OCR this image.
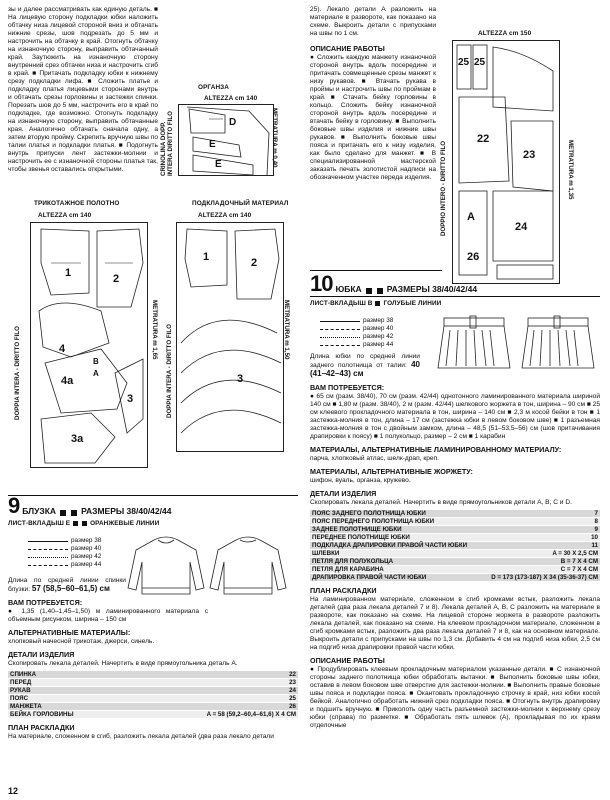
зы и далее рассматривать как единую деталь. ■ На лицевую сторону подкладки юбки наложить обтачку низа лицевой стороной вниз и обтачать нижние срезы, шов подрезать до 5 мм и настрочить на обтачку в край. Отогнуть обтачку на изнаночную сторону, выправить обтачанный край. Заутюжить на изнаночную сторону внутренний срез обтачки низа и настрочить сгиб в край. ■ Притачать подкладку юбки к нижнему срезу подкладки лифа. ■ Сложить платье и подкладку платья лицевыми сторонами внутрь и обтачать срезы горловины и застежки спинки. Порезать шов до 5 мм, настрочить его в край по подкладке, где возможно. Отогнуть подкладку на изнаночную сторону, выправить обтачанные края. Аналогично обтачать сначала одну, а затем вторую пройму. Скрепить вручную швы по талии платья и подкладки платья. ■ Подогнуть внутрь припуски лент застежки-молнии и настрочить ее с изнаночной стороны платья так, чтобы звенья оставались открытыми.
ОРГАНЗА
ALTEZZA cm 140
D
E
E
CRINOLINA DOPP. INTERA DIRITTO FILO	METRATURA m 0,40
ТРИКОТАЖНОЕ ПОЛОТНО
ALTEZZA cm 140
1	2
3
4
4a
3a
B
A
DOPPIA INTERA - DIRITTO FILO	METRATURA m 1,65
ПОДКЛАДОЧНЫЙ МАТЕРИАЛ
ALTEZZA cm 140
1	2
3
DOPPIA INTERA - DIRITTO FILO	METRATURA m 1,50
9 БЛУЗКА	РАЗМЕРЫ 38/40/42/44
ЛИСТ-ВКЛАДЫШ Е	ОРАНЖЕВЫЕ ЛИНИИ
размер 38
размер 40
размер 42
размер 44
Длина по средней линии спинки блузки: 57 (58,5–60–61,5) см
ВАМ ПОТРЕБУЕТСЯ:
● 1,35 (1,40–1,45–1,50) м ламинированного материала с объемным рисунком, ширина – 150 см
АЛЬТЕРНАТИВНЫЕ МАТЕРИАЛЫ:
хлопковый начесной трикотаж, джерси, синель.
ДЕТАЛИ ИЗДЕЛИЯ
Скопировать лекала деталей. Начертить в виде прямоугольника деталь А.
СПИНКА	22
ПЕРЕД	23
РУКАВ	24
ПОЯС	25
МАНЖЕТА	26
БЕЙКА ГОРЛОВИНЫ	A = 58 (59,2–60,4–61,6) X 4 CM
ПЛАН РАСКЛАДКИ
На материале, сложенном в сгиб, разложить лекала деталей (два раза лекало детали
12
25). Лекало детали А разложить на материале в развороте, как показано на схеме. Выкроить детали с припусками на швы по 1 см.
ОПИСАНИЕ РАБОТЫ
● Сложить каждую манжету изнаночной стороной внутрь вдоль посередине и притачать совмещенные срезы манжет к низу рукавов. ■ Втачать рукава в проймы и настрочить швы по проймам в край. ■ Стачать бейку горловины в кольцо. Сложить бейку изнаночной стороной внутрь вдоль посередине и втачать бейку в горловину. ■ Выполнить боковые швы изделия и нижние швы рукавов. ■ Выполнить боковые швы пояса и притачать его к низу изделия, как было сделано для манжет. ■ В специализированной мастерской заказать печать золотистой надписи на обозначенном участке переда изделия.
ALTEZZA cm 150
25 25
22
23
A
24
26
DOPPIO INTERO - DIRITTO FILO	METRATURA m 1,35
10 ЮБКА	РАЗМЕРЫ 38/40/42/44
ЛИСТ-ВКЛАДЫШ В ГОЛУБЫЕ ЛИНИИ
размер 38
размер 40
размер 42
размер 44
Длина юбки по средней линии заднего полотнища от талии: 40 (41–42–43) см
ВАМ ПОТРЕБУЕТСЯ:
● 65 см (разм. 38/40), 70 см (разм. 42/44) однотонного ламинированного материала шириной 140 см ■ 1,80 м (разм. 38/40), 2 м (разм. 42/44) шелкового жоржета в тон, ширина – 90 см ■ 25 см клеевого прокладочного материала в тон, ширина – 140 см ■ 2,3 м косой бейки в тон ■ 1 застежка-молния в тон, длина – 17 см (застежка юбки в левом боковом шве) ■ 1 разъемная застежка-молния в тон с двойным замком, длина – 48,5 (51–53,5–56) см (шов притачивания драпировки к поясу) ■ 1 полукольцо, размер – 2 см ■ 1 карабин
МАТЕРИАЛЫ, АЛЬТЕРНАТИВНЫЕ ЛАМИНИРОВАННОМУ МАТЕРИАЛУ:
парча, хлопковый атлас, шелк-драп, креп.
МАТЕРИАЛЫ, АЛЬТЕРНАТИВНЫЕ ЖОРЖЕТУ:
шифон, вуаль, органза, кружево.
ДЕТАЛИ ИЗДЕЛИЯ
Скопировать лекала деталей. Начертить в виде прямоугольников детали А, В, С и D.
ПОЯС ЗАДНЕГО ПОЛОТНИЩА ЮБКИ	7
ПОЯС ПЕРЕДНЕГО ПОЛОТНИЩА ЮБКИ	8
ЗАДНЕЕ ПОЛОТНИЩЕ ЮБКИ	9
ПЕРЕДНЕЕ ПОЛОТНИЩЕ ЮБКИ	10
ПОДКЛАДКА ДРАПИРОВКИ ПРАВОЙ ЧАСТИ ЮБКИ	11
ШЛЕВКИ	A = 30 X 2,5 CM
ПЕТЛЯ ДЛЯ ПОЛУКОЛЬЦА	B = 7 X 4 CM
ПЕТЛЯ ДЛЯ КАРАБИНА	C = 7 X 4 CM
ДРАПИРОВКА ПРАВОЙ ЧАСТИ ЮБКИ	D = 173 (173-187) X 34 (35-36-37) CM
ПЛАН РАСКЛАДКИ
На ламинированном материале, сложенном в сгиб кромками встык, разложить лекала деталей (два раза лекала деталей 7 и 8). Лекала деталей A, B, C разложить на материале в развороте, как показано на схеме. На лицевой стороне жоржета в развороте разложить лекала деталей, как показано на схеме. На клеевом прокладочном материале, сложенном в сгиб кромками встык, разложить два раза лекала деталей 7 и 8, как на основном материале. Выкроить детали с припусками на швы по 1,3 см. Добавить 4 см на подгиб низа юбки, 2,5 см на подгиб низа драпировки правой части юбки.
ОПИСАНИЕ РАБОТЫ
● Продублировать клеевым прокладочным материалом указанные детали. ■ С изнаночной стороны заднего полотнища юбки обработать вытачки. ■ Выполнить боковые швы юбки, оставив в левом боковом шве отверстие для застежки-молнии. ■ Выполнить правые боковые швы пояса и подкладки пояса. ■ Окантовать прокладочную строчку в край, низ юбки косой бейкой. Аналогично обработать нижний срез подкладки пояса. ■ Отогнуть внутрь драпировку и подшить вручную. ■ Приколоть одну часть разъемной застежки-молнии к верхнему срезу юбки (справа) по разметке. ■ Обработать пять шлевок (А), прокладывая по их краям отделочные
